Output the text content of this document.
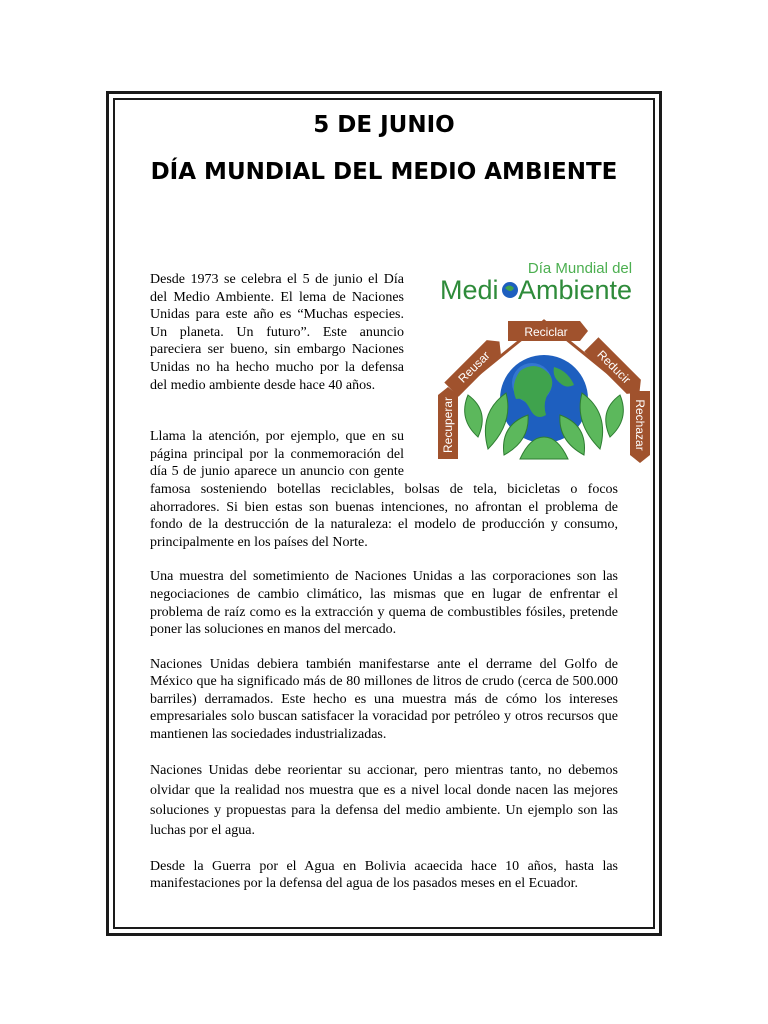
5 DE JUNIO
DÍA MUNDIAL DEL MEDIO AMBIENTE
Día Mundial del
Medi Ambiente
Reciclar
Reusar	Reducir
Recuperar	Rechazar

Desde 1973 se celebra el 5 de junio el Día del Medio Ambiente. El lema de Naciones Unidas para este año es “Muchas especies. Un planeta. Un futuro”. Este anuncio pareciera ser bueno, sin embargo Naciones Unidas no ha hecho mucho por la defensa del medio ambiente desde hace 40 años.

Llama la atención, por ejemplo, que en su página principal por la conmemoración del día 5 de junio aparece un anuncio con gente famosa sosteniendo botellas reciclables, bolsas de tela, bicicletas o focos ahorradores. Si bien estas son buenas intenciones, no afrontan el problema de fondo de la destrucción de la naturaleza: el modelo de producción y consumo, principalmente en los países del Norte.

Una muestra del sometimiento de Naciones Unidas a las corporaciones son las negociaciones de cambio climático, las mismas que en lugar de enfrentar el problema de raíz como es la extracción y quema de combustibles fósiles, pretende poner las soluciones en manos del mercado.

Naciones Unidas debiera también manifestarse ante el derrame del Golfo de México que ha significado más de 80 millones de litros de crudo (cerca de 500.000 barriles) derramados. Este hecho es una muestra más de cómo los intereses empresariales solo buscan satisfacer la voracidad por petróleo y otros recursos que mantienen las sociedades industrializadas.

Naciones Unidas debe reorientar su accionar, pero mientras tanto, no debemos olvidar que la realidad nos muestra que es a nivel local donde nacen las mejores soluciones y propuestas para la defensa del medio ambiente. Un ejemplo son las luchas por el agua.

Desde la Guerra por el Agua en Bolivia acaecida hace 10 años, hasta las manifestaciones por la defensa del agua de los pasados meses en el Ecuador.
